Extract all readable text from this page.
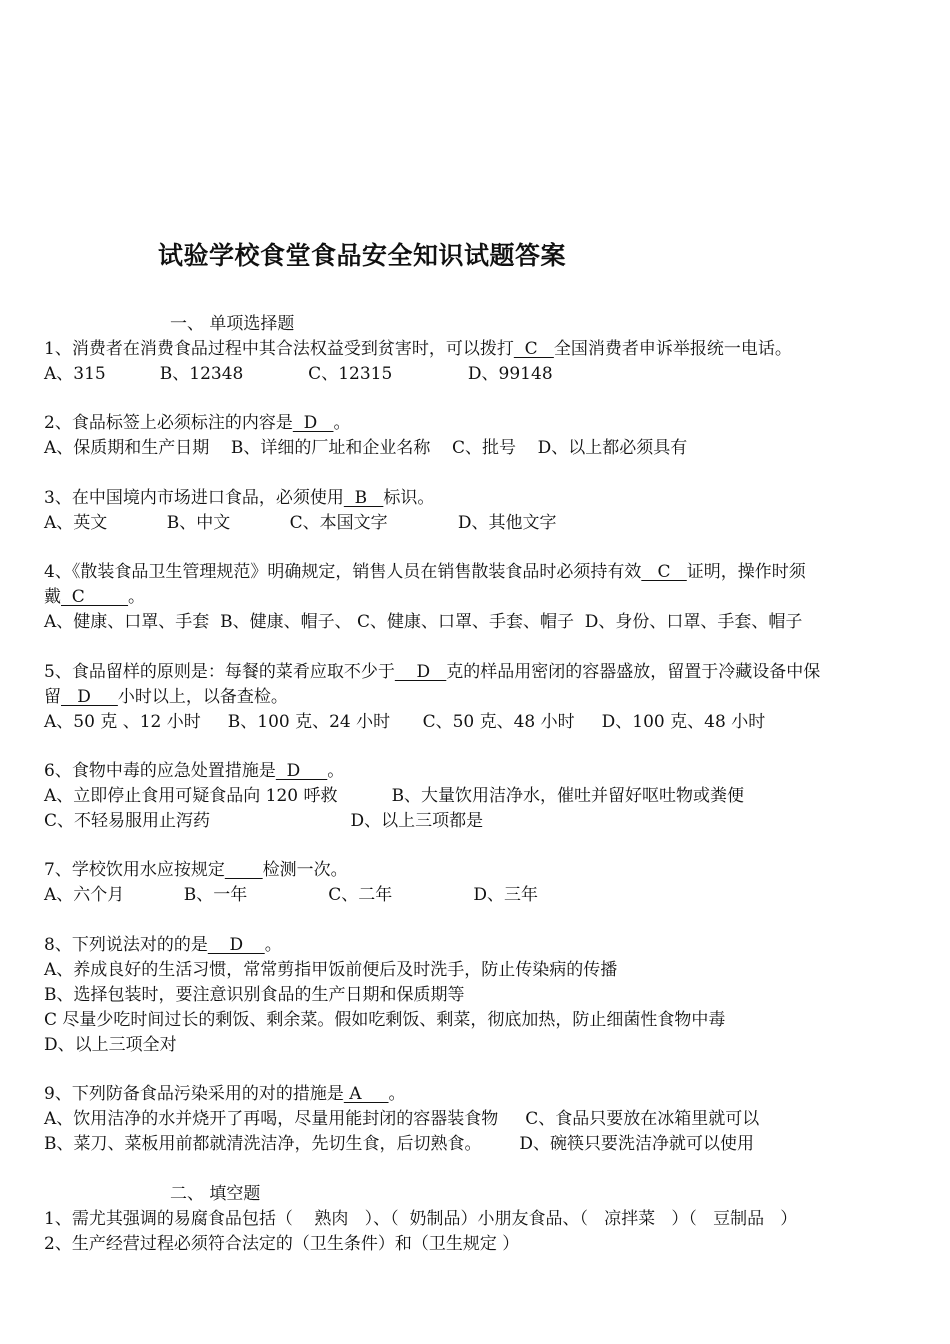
试验学校食堂食品安全知识试题答案
一、 单项选择题
1、消费者在消费食品过程中其合法权益受到贫害时，可以拨打  C   全国消费者申诉举报统一电话。
A、315          B、12348            C、12315              D、99148
2、食品标签上必须标注的内容是  D   。
A、保质期和生产日期    B、详细的厂址和企业名称    C、批号    D、以上都必须具有
3、在中国境内市场进口食品，必须使用  B   标识。
A、英文           B、中文           C、本国文字             D、其他文字
4、《散装食品卫生管理规范》明确规定，销售人员在销售散装食品时必须持有效   C   证明，操作时须
戴  C        。
A、健康、口罩、手套  B、健康、帽子、 C、健康、口罩、手套、帽子  D、身份、口罩、手套、帽子
5、食品留样的原则是：每餐的菜肴应取不少于    D   克的样品用密闭的容器盛放，留置于冷藏设备中保
留   D     小时以上，以备查检。
A、50 克 、12 小时     B、100 克、24 小时      C、50 克、48 小时     D、100 克、48 小时
6、食物中毒的应急处置措施是  D     。
A、立即停止食用可疑食品向 120 呼救          B、大量饮用洁净水，催吐并留好呕吐物或粪便
C、不轻易服用止泻药                          D、以上三项都是
7、学校饮用水应按规定 检测一次。
A、六个月           B、一年               C、二年               D、三年
8、下列说法对的的是    D    。
A、养成良好的生活习惯，常常剪指甲饭前便后及时洗手，防止传染病的传播
B、选择包装时，要注意识别食品的生产日期和保质期等
C 尽量少吃时间过长的剩饭、剩余菜。假如吃剩饭、剩菜，彻底加热，防止细菌性食物中毒
D、以上三项全对
9、下列防备食品污染采用的对的措施是 A     。
A、饮用洁净的水并烧开了再喝，尽量用能封闭的容器装食物     C、食品只要放在冰箱里就可以
B、菜刀、菜板用前都就清洗洁净，先切生食，后切熟食。       D、碗筷只要洗洁净就可以使用
二、 填空题
1、需尤其强调的易腐食品包括（    熟肉   ）、（  奶制品）小朋友食品、（   凉拌菜   ）（   豆制品   ）
2、生产经营过程必须符合法定的（卫生条件）和（卫生规定 ）
